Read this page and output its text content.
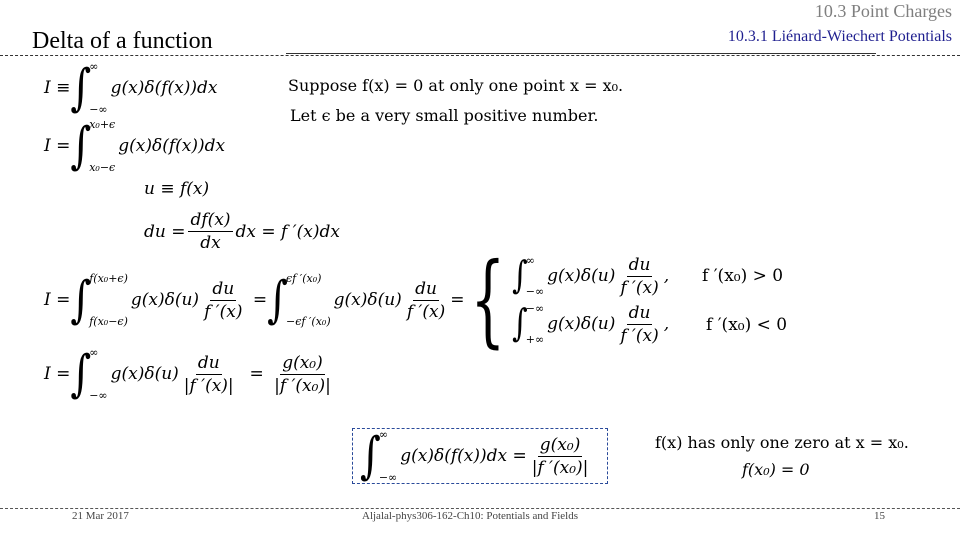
Delta of a function
10.3 Point Charges
10.3.1 Liénard-Wiechert Potentials
I ≡ ∫
∞
−∞
g(x)δ(f(x))dx
I = ∫
x₀+ϵ
x₀−ϵ
g(x)δ(f(x))dx
u ≡ f(x)
du = $\frac{df(x)}{dx}$ dx = f ′(x)dx
I = ∫
f(x₀+ϵ)
f(x₀−ϵ)
$g(x)\delta(u) \frac{du}{f '(x)}$ = ∫
ϵf ′(x₀)
−ϵf ′(x₀)
$g(x)\delta(u) \frac{du}{f '(x)}$ = { ∫
∞
−∞
$g(x)\delta(u) \frac{du}{f '(x)}$ ,
∫
−∞
+∞
$g(x)\delta(u) \frac{du}{f '(x)}$ ,
f ′(x₀) > 0
f ′(x₀) < 0
I = ∫
∞
−∞
$g(x)\delta(u) \frac{du}{|f '(x)|} = \frac{\text{g(x₀)}}{\text{|f ′(x₀)|}}$
∫
∞
−∞
$g(x)\delta(f(x))dx = \frac{\text{g(x₀)}}{\text{|f ′(x₀)|}}$
Suppose f(x) = 0 at only one point x = x₀.
Let ϵ be a very small positive number.
f(x) has only one zero at x = x₀.
f(x₀) = 0
21 Mar 2017	Aljalal-phys306-162-Ch10: Potentials and Fields	15
